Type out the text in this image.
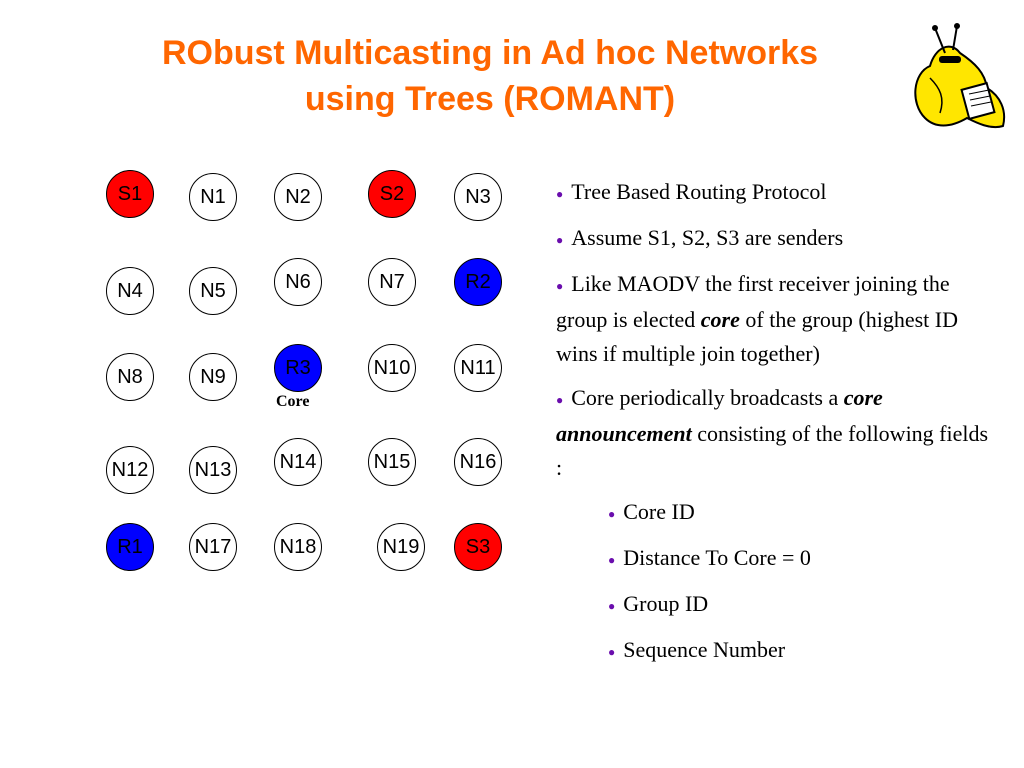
RObust Multicasting in Ad hoc Networks
using Trees (ROMANT)
S1	N1	N2	S2	N3
N4	N5	N6	N7	R2
N8	N9	R3	N10	N11
N12 N13 N14	N15 N16
R1	N17 N18	N19	S3
Core

● Tree Based Routing Protocol

● Assume S1, S2, S3 are senders

● Like MAODV the first receiver joining the group is elected core of the group (highest ID wins if multiple join together)

● Core periodically broadcasts a core announcement consisting of the following fields :

● Core ID

● Distance To Core = 0

● Group ID

● Sequence Number
